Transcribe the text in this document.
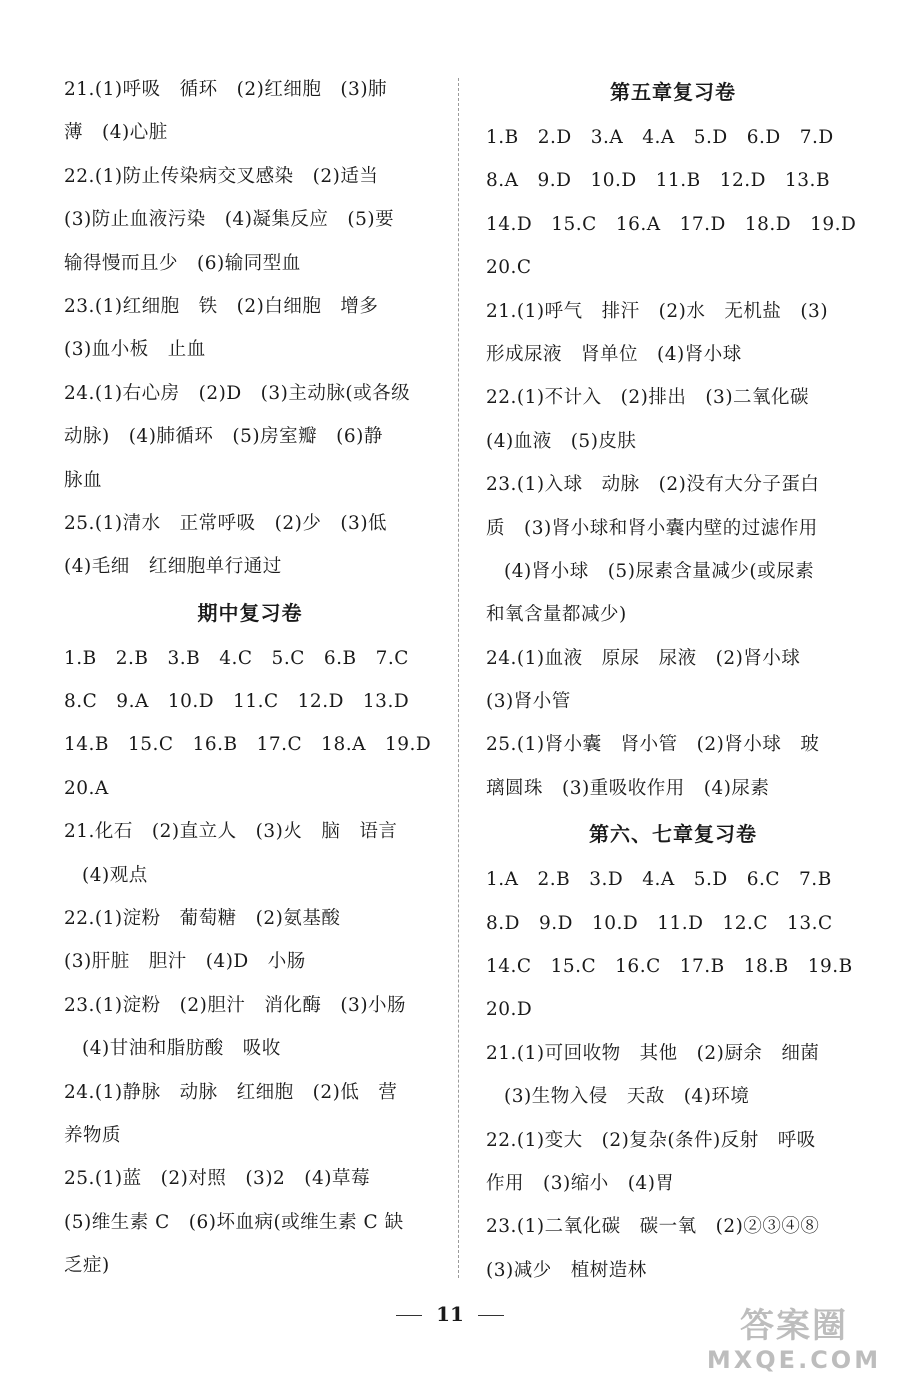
21.(1)呼吸　循环　(2)红细胞　(3)肺
薄　(4)心脏
22.(1)防止传染病交叉感染　(2)适当
(3)防止血液污染　(4)凝集反应　(5)要
输得慢而且少　(6)输同型血
23.(1)红细胞　铁　(2)白细胞　增多
(3)血小板　止血
24.(1)右心房　(2)D　(3)主动脉(或各级
动脉)　(4)肺循环　(5)房室瓣　(6)静
脉血
25.(1)清水　正常呼吸　(2)少　(3)低
(4)毛细　红细胞单行通过
期中复习卷
1.B　2.B　3.B　4.C　5.C　6.B　7.C
8.C　9.A　10.D　11.C　12.D　13.D
14.B　15.C　16.B　17.C　18.A　19.D
20.A
21.化石　(2)直立人　(3)火　脑　语言
(4)观点
22.(1)淀粉　葡萄糖　(2)氨基酸
(3)肝脏　胆汁　(4)D　小肠
23.(1)淀粉　(2)胆汁　消化酶　(3)小肠
(4)甘油和脂肪酸　吸收
24.(1)静脉　动脉　红细胞　(2)低　营
养物质
25.(1)蓝　(2)对照　(3)2　(4)草莓
(5)维生素 C　(6)坏血病(或维生素 C 缺
乏症)
第五章复习卷
1.B　2.D　3.A　4.A　5.D　6.D　7.D
8.A　9.D　10.D　11.B　12.D　13.B
14.D　15.C　16.A　17.D　18.D　19.D
20.C
21.(1)呼气　排汗　(2)水　无机盐　(3)
形成尿液　肾单位　(4)肾小球
22.(1)不计入　(2)排出　(3)二氧化碳
(4)血液　(5)皮肤
23.(1)入球　动脉　(2)没有大分子蛋白
质　(3)肾小球和肾小囊内壁的过滤作用
(4)肾小球　(5)尿素含量减少(或尿素
和氧含量都减少)
24.(1)血液　原尿　尿液　(2)肾小球
(3)肾小管
25.(1)肾小囊　肾小管　(2)肾小球　玻
璃圆珠　(3)重吸收作用　(4)尿素
第六、七章复习卷
1.A　2.B　3.D　4.A　5.D　6.C　7.B
8.D　9.D　10.D　11.D　12.C　13.C
14.C　15.C　16.C　17.B　18.B　19.B
20.D
21.(1)可回收物　其他　(2)厨余　细菌
(3)生物入侵　天敌　(4)环境
22.(1)变大　(2)复杂(条件)反射　呼吸
作用　(3)缩小　(4)胃
23.(1)二氧化碳　碳一氧　(2)②③④⑧
(3)减少　植树造林
11	答案圈
MXQE.COM
